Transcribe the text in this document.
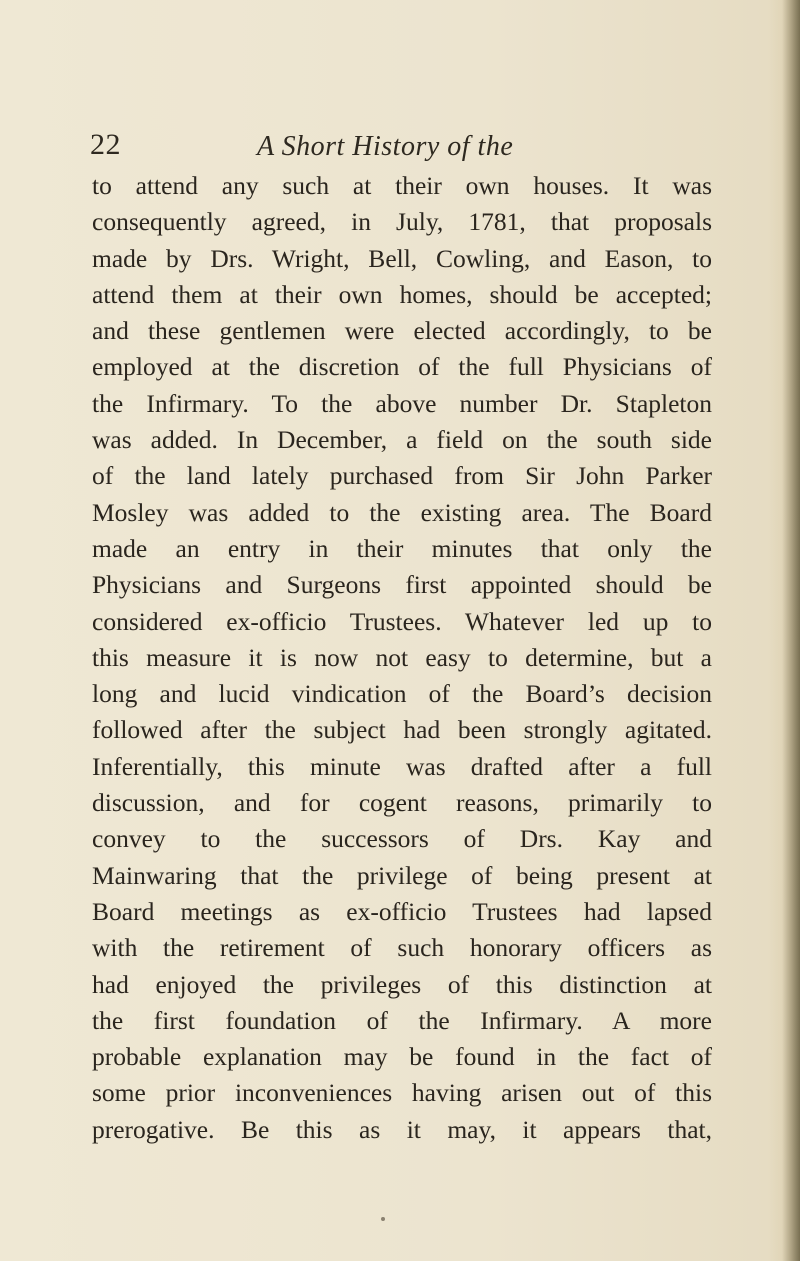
22	A Short History of the
to attend any such at their own houses. It was
consequently agreed, in July, 1781, that proposals
made by Drs. Wright, Bell, Cowling, and Eason, to
attend them at their own homes, should be accepted;
and these gentlemen were elected accordingly, to be
employed at the discretion of the full Physicians of
the Infirmary. To the above number Dr. Stapleton
was added. In December, a field on the south side
of the land lately purchased from Sir John Parker
Mosley was added to the existing area. The Board
made an entry in their minutes that only the
Physicians and Surgeons first appointed should be
considered ex-officio Trustees. Whatever led up to
this measure it is now not easy to determine, but a
long and lucid vindication of the Board’s decision
followed after the subject had been strongly agitated.
Inferentially, this minute was drafted after a full
discussion, and for cogent reasons, primarily to
convey to the successors of Drs. Kay and
Mainwaring that the privilege of being present at
Board meetings as ex-officio Trustees had lapsed
with the retirement of such honorary officers as
had enjoyed the privileges of this distinction at
the first foundation of the Infirmary. A more
probable explanation may be found in the fact of
some prior inconveniences having arisen out of this
prerogative. Be this as it may, it appears that,
